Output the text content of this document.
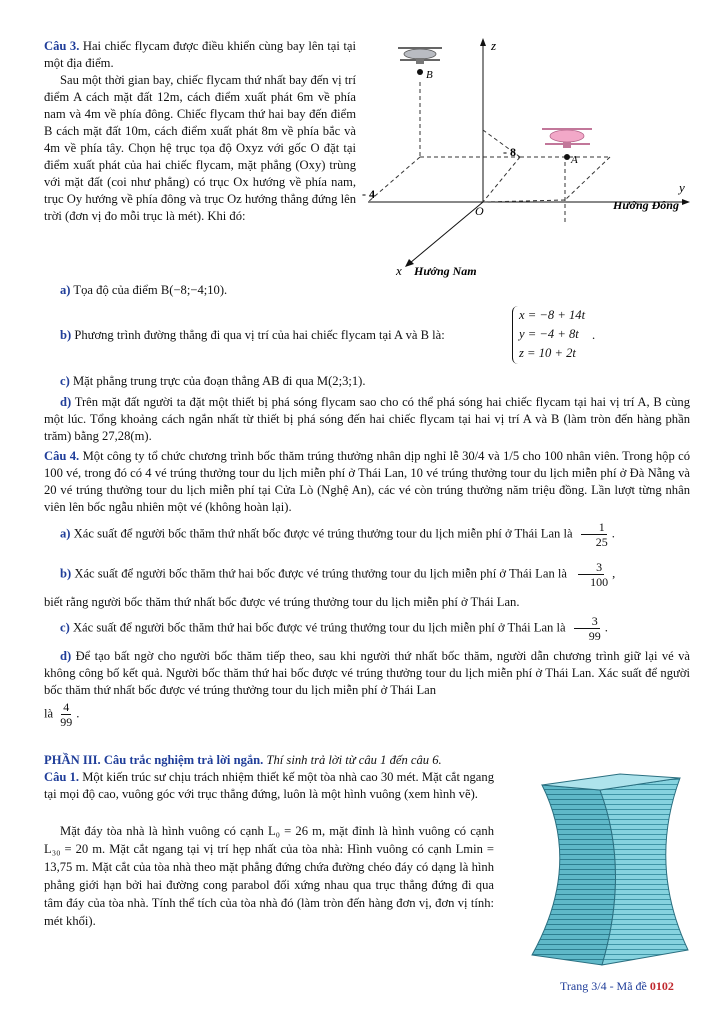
Câu 3. Hai chiếc flycam được điều khiển cùng bay lên tại tại một địa điểm.
Sau một thời gian bay, chiếc flycam thứ nhất bay đến vị trí điểm A cách mặt đất 12m, cách điểm xuất phát 6m về phía nam và 4m về phía đông. Chiếc flycam thứ hai bay đến điểm B cách mặt đất 10m, cách điểm xuất phát 8m về phía bắc và 4m về phía tây. Chọn hệ trục tọa độ Oxyz với gốc O đặt tại điểm xuất phát của hai chiếc flycam, mặt phẳng (Oxy) trùng với mặt đất (coi như phẳng) có trục Ox hướng về phía nam, trục Oy hướng về phía đông và trục Oz hướng thẳng đứng lên trời (đơn vị đo mỗi trục là mét). Khi đó:
a) Tọa độ của điểm B(−8;−4;10).
b) Phương trình đường thẳng đi qua vị trí của hai chiếc flycam tại A và B là:
x = −8 + 14t
y = −4 + 8t
z = 10 + 2t
.
c) Mặt phẳng trung trực của đoạn thẳng AB đi qua M(2;3;1).
d) Trên mặt đất người ta đặt một thiết bị phá sóng flycam sao cho có thể phá sóng hai chiếc flycam tại hai vị trí A, B cùng một lúc. Tổng khoảng cách ngắn nhất từ thiết bị phá sóng đến hai chiếc flycam tại hai vị trí A và B (làm tròn đến hàng phần trăm) bằng 27,28(m).
z
y
x
O
A
B
- 8
- 4
Hướng Đông
Hướng Nam
Câu 4. Một công ty tổ chức chương trình bốc thăm trúng thưởng nhân dịp nghỉ lễ 30/4 và 1/5 cho 100 nhân viên. Trong hộp có 100 vé, trong đó có 4 vé trúng thưởng tour du lịch miễn phí ở Thái Lan, 10 vé trúng thưởng tour du lịch miễn phí ở Đà Nẵng và 20 vé trúng thưởng tour du lịch miễn phí tại Cửa Lò (Nghệ An), các vé còn trúng thưởng năm triệu đồng. Lần lượt từng nhân viên lên bốc ngẫu nhiên một vé (không hoàn lại).
a) Xác suất để người bốc thăm thứ nhất bốc được vé trúng thưởng tour du lịch miễn phí ở Thái Lan là $\frac{1}{25}$ .
b) Xác suất để người bốc thăm thứ hai bốc được vé trúng thưởng tour du lịch miễn phí ở Thái Lan là $\frac{3}{100}$ ,
biết rằng người bốc thăm thứ nhất bốc được vé trúng thưởng tour du lịch miễn phí ở Thái Lan.
c) Xác suất để người bốc thăm thứ hai bốc được vé trúng thưởng tour du lịch miễn phí ở Thái Lan là $\frac{3}{99}$ .
d) Để tạo bất ngờ cho người bốc thăm tiếp theo, sau khi người thứ nhất bốc thăm, người dẫn chương trình giữ lại vé và không công bố kết quả. Người bốc thăm thứ hai bốc được vé trúng thưởng tour du lịch miễn phí ở Thái Lan. Xác suất để người bốc thăm thứ nhất bốc được vé trúng thưởng tour du lịch miễn phí ở Thái Lan
là $\frac{4}{99}$ .
PHẦN III. Câu trắc nghiệm trả lời ngắn. Thí sinh trả lời từ câu 1 đến câu 6.
Câu 1. Một kiến trúc sư chịu trách nhiệm thiết kế một tòa nhà cao 30 mét. Mặt cắt ngang tại mọi độ cao, vuông góc với trục thẳng đứng, luôn là một hình vuông (xem hình vẽ).
Mặt đáy tòa nhà là hình vuông có cạnh L₀ = 26 m, mặt đỉnh là hình vuông có cạnh L₃₀ = 20 m. Mặt cắt ngang tại vị trí hẹp nhất của tòa nhà: Hình vuông có cạnh Lmin = 13,75 m. Mặt cắt của tòa nhà theo mặt phẳng đứng chứa đường chéo đáy có dạng là hình phẳng giới hạn bởi hai đường cong parabol đối xứng nhau qua trục thẳng đứng đi qua tâm đáy của tòa nhà. Tính thể tích của tòa nhà đó (làm tròn đến hàng đơn vị, đơn vị tính: mét khối).
Trang 3/4 - Mã đề 0102
